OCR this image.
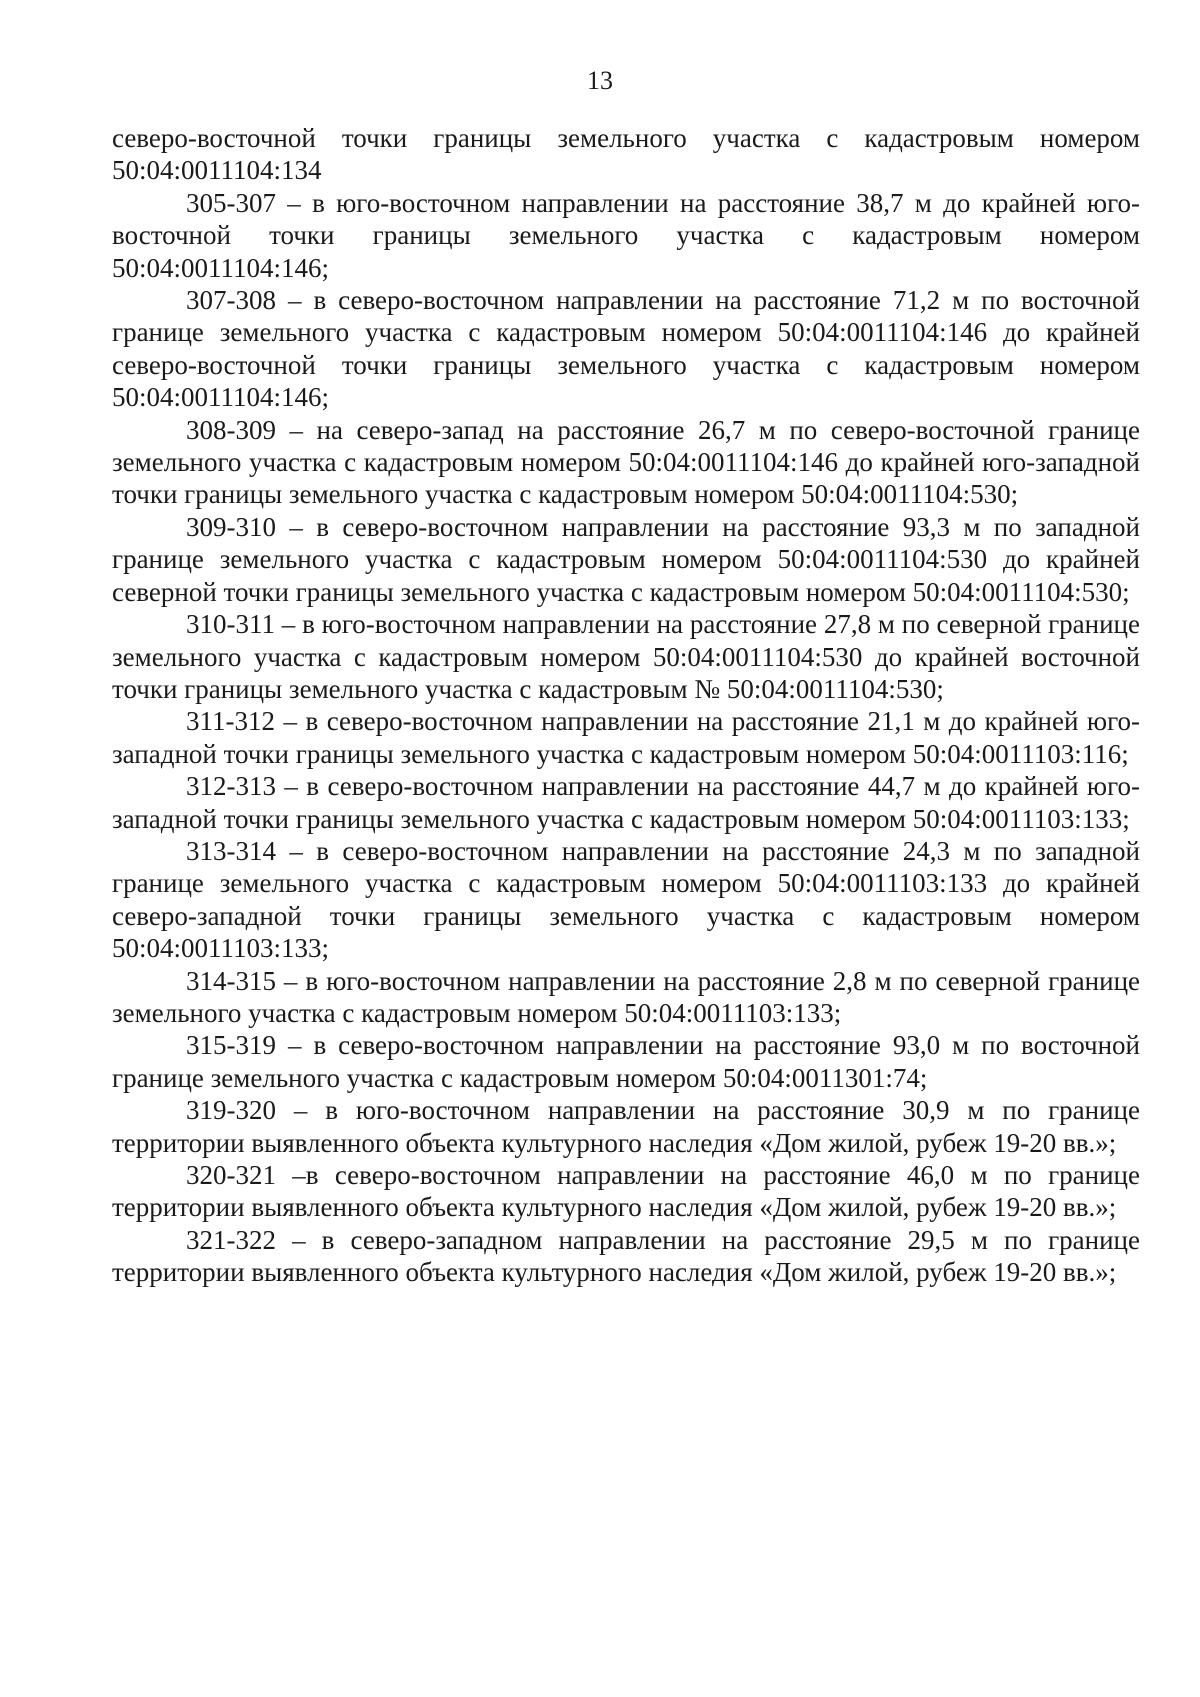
13

северо-восточной точки границы земельного участка с кадастровым номером 50:04:0011104:134

305-307 – в юго-восточном направлении на расстояние 38,7 м до крайней юго-восточной точки границы земельного участка с кадастровым номером 50:04:0011104:146;

307-308 – в северо-восточном направлении на расстояние 71,2 м по восточной границе земельного участка с кадастровым номером 50:04:0011104:146 до крайней северо-восточной точки границы земельного участка с кадастровым номером 50:04:0011104:146;

308-309 – на северо-запад на расстояние 26,7 м по северо-восточной границе земельного участка с кадастровым номером 50:04:0011104:146 до крайней юго-западной точки границы земельного участка с кадастровым номером 50:04:0011104:530;

309-310 – в северо-восточном направлении на расстояние 93,3 м по западной границе земельного участка с кадастровым номером 50:04:0011104:530 до крайней северной точки границы земельного участка с кадастровым номером 50:04:0011104:530;

310-311 – в юго-восточном направлении на расстояние 27,8 м по северной границе земельного участка с кадастровым номером 50:04:0011104:530 до крайней восточной точки границы земельного участка с кадастровым № 50:04:0011104:530;

311-312 – в северо-восточном направлении на расстояние 21,1 м до крайней юго-западной точки границы земельного участка с кадастровым номером 50:04:0011103:116;

312-313 – в северо-восточном направлении на расстояние 44,7 м до крайней юго-западной точки границы земельного участка с кадастровым номером 50:04:0011103:133;

313-314 – в северо-восточном направлении на расстояние 24,3 м по западной границе земельного участка с кадастровым номером 50:04:0011103:133 до крайней северо-западной точки границы земельного участка с кадастровым номером 50:04:0011103:133;

314-315 – в юго-восточном направлении на расстояние 2,8 м по северной границе земельного участка с кадастровым номером 50:04:0011103:133;

315-319 – в северо-восточном направлении на расстояние 93,0 м по восточной границе земельного участка с кадастровым номером 50:04:0011301:74;

319-320 – в юго-восточном направлении на расстояние 30,9 м по границе территории выявленного объекта культурного наследия «Дом жилой, рубеж 19-20 вв.»;

320-321 –в северо-восточном направлении на расстояние 46,0 м по границе территории выявленного объекта культурного наследия «Дом жилой, рубеж 19-20 вв.»;

321-322 – в северо-западном направлении на расстояние 29,5 м по границе территории выявленного объекта культурного наследия «Дом жилой, рубеж 19-20 вв.»;
